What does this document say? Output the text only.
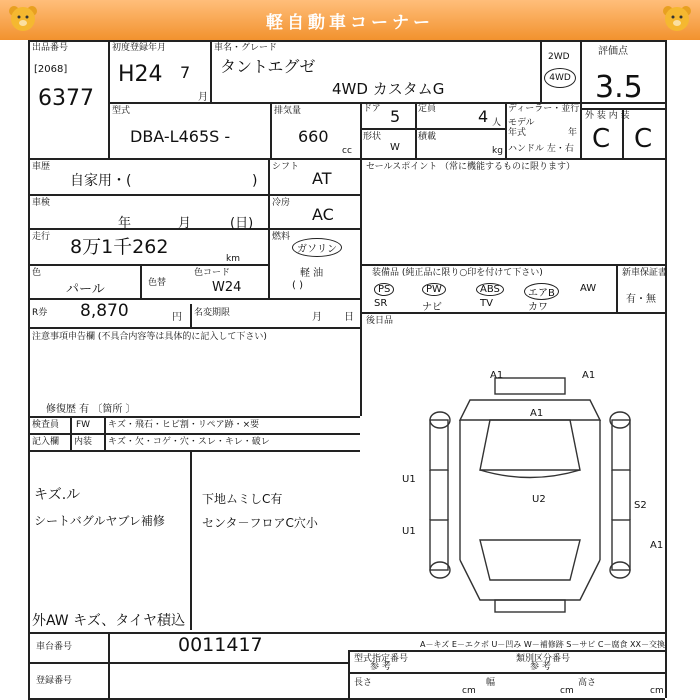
軽自動車コーナー
出品番号
[2068]
6377
初度登録年月
H24 7
月
車名・グレード
タントエグゼ
4WD カスタムG
2WD
4WD
評価点
3.5
外 装 内 装
C C
型式
DBA-L465S -
排気量
660
cc
ドア 5 定員	4 人
形状
W
積載
kg
ディーラー・並行
モデル
年式	年
ハンドル 左・右
車歴
自家用・(	)
シフト
AT
車検
年	月	(日)
冷房
AC
走行 8万1千262
km
燃料
ガソリン
軽 油
( )
色
パール	色替
色コード
W24
R券 8,870	円 名変期限	月 日
注意事項申告欄 (不具合内容等は具体的に記入して下さい)
修復歴 有 〔箇所 〕
セールスポイント （常に機能するものに限ります）
装備品 (純正品に限り○印を付けて下さい)	新車保証書
有・無
後日品
検査員 FW キズ・飛石・ヒビ割・リペア跡・×要
記入欄 内装 キズ・欠・コゲ・穴・スレ・キレ・破レ
キズ.ル
シートバグルヤブレ補修
下地ムミしC有
センタ－フロアC穴小
外AW キズ、タイヤ積込
A－キズ E－エクボ U－凹み W－補修跡 S－サビ C－腐食 XX－交換
車台番号	0011417
登録番号
型式指定番号
参 考
類別区分番号
参 考
長さ
cm
幅
cm
高さ
cm
PS	PW	ABS	エアB	AW
SR	ナビ	TV	カワ
A1	A1
A1
U1
U1
U2
S2
A1
